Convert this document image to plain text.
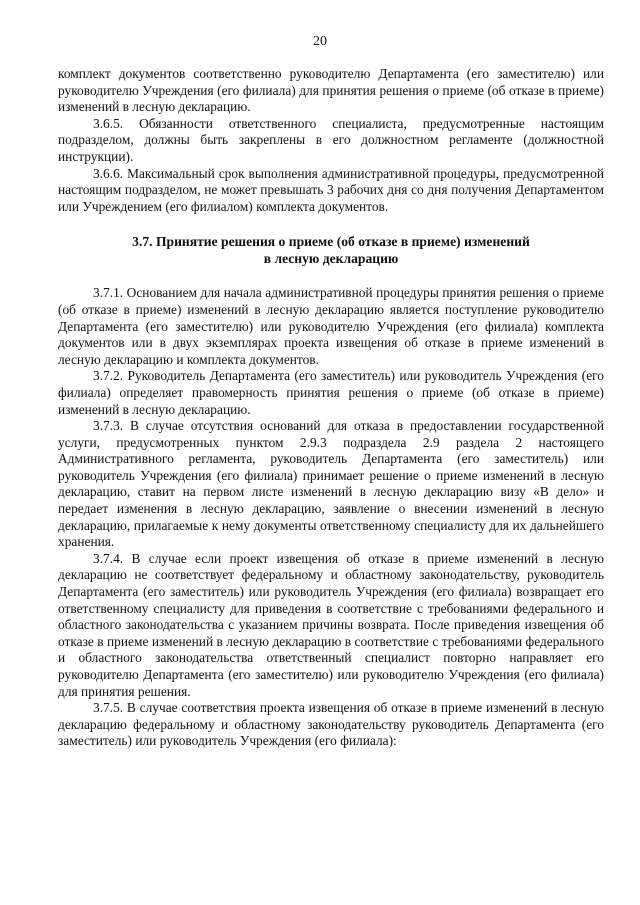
20

комплект документов соответственно руководителю Департамента (его заместителю) или руководителю Учреждения (его филиала) для принятия решения о приеме (об отказе в приеме) изменений в лесную декларацию.

3.6.5. Обязанности ответственного специалиста, предусмотренные настоящим подразделом, должны быть закреплены в его должностном регламенте (должностной инструкции).

3.6.6. Максимальный срок выполнения административной процедуры, предусмотренной настоящим подразделом, не может превышать 3 рабочих дня со дня получения Департаментом или Учреждением (его филиалом) комплекта документов.

3.7. Принятие решения о приеме (об отказе в приеме) изменений
в лесную декларацию

3.7.1. Основанием для начала административной процедуры принятия решения о приеме (об отказе в приеме) изменений в лесную декларацию является поступление руководителю Департамента (его заместителю) или руководителю Учреждения (его филиала) комплекта документов или в двух экземплярах проекта извещения об отказе в приеме изменений в лесную декларацию и комплекта документов.

3.7.2. Руководитель Департамента (его заместитель) или руководитель Учреждения (его филиала) определяет правомерность принятия решения о приеме (об отказе в приеме) изменений в лесную декларацию.

3.7.3. В случае отсутствия оснований для отказа в предоставлении государственной услуги, предусмотренных пунктом 2.9.3 подраздела 2.9 раздела 2 настоящего Административного регламента, руководитель Департамента (его заместитель) или руководитель Учреждения (его филиала) принимает решение о приеме изменений в лесную декларацию, ставит на первом листе изменений в лесную декларацию визу «В дело» и передает изменения в лесную декларацию, заявление о внесении изменений в лесную декларацию, прилагаемые к нему документы ответственному специалисту для их дальнейшего хранения.

3.7.4. В случае если проект извещения об отказе в приеме изменений в лесную декларацию не соответствует федеральному и областному законодательству, руководитель Департамента (его заместитель) или руководитель Учреждения (его филиала) возвращает его ответственному специалисту для приведения в соответствие с требованиями федерального и областного законодательства с указанием причины возврата. После приведения извещения об отказе в приеме изменений в лесную декларацию в соответствие с требованиями федерального и областного законодательства ответственный специалист повторно направляет его руководителю Департамента (его заместителю) или руководителю Учреждения (его филиала) для принятия решения.

3.7.5. В случае соответствия проекта извещения об отказе в приеме изменений в лесную декларацию федеральному и областному законодательству руководитель Департамента (его заместитель) или руководитель Учреждения (его филиала):
